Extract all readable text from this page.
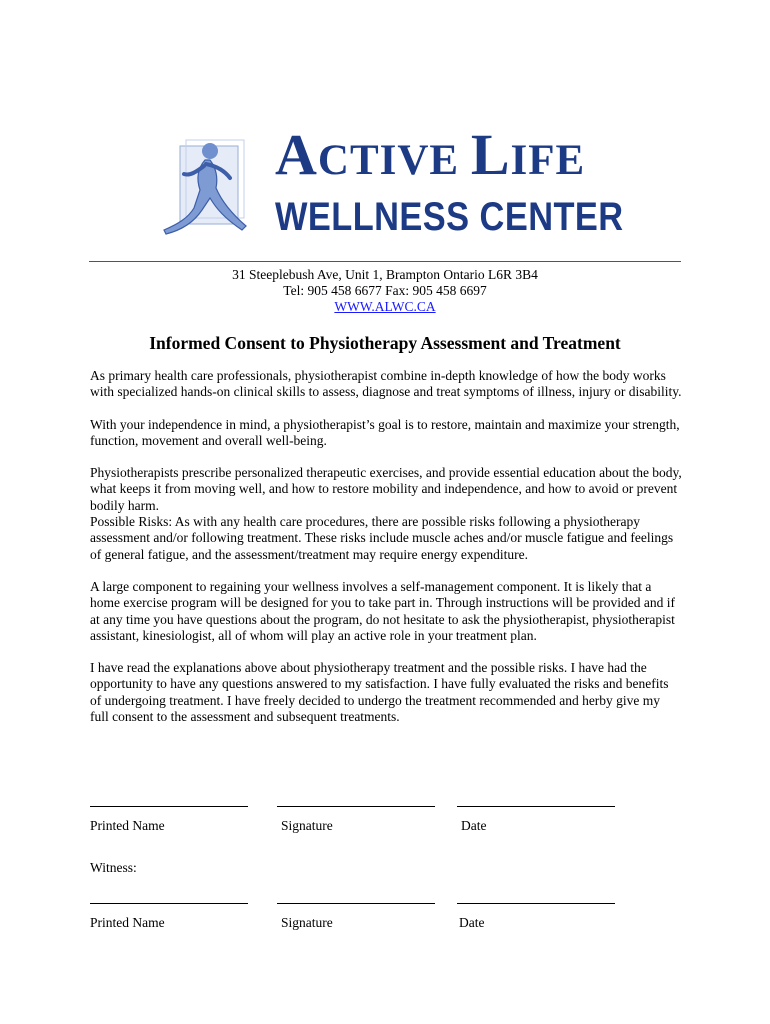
ACTIVE LIFE
WELLNESS CENTER
31 Steeplebush Ave, Unit 1, Brampton Ontario L6R 3B4
Tel: 905 458 6677 Fax: 905 458 6697
WWW.ALWC.CA
Informed Consent to Physiotherapy Assessment and Treatment

As primary health care professionals, physiotherapist combine in-depth knowledge of how the body works with specialized hands-on clinical skills to assess, diagnose and treat symptoms of illness, injury or disability.

With your independence in mind, a physiotherapist’s goal is to restore, maintain and maximize your strength, function, movement and overall well-being.

Physiotherapists prescribe personalized therapeutic exercises, and provide essential education about the body, what keeps it from moving well, and how to restore mobility and independence, and how to avoid or prevent bodily harm.

Possible Risks: As with any health care procedures, there are possible risks following a physiotherapy assessment and/or following treatment. These risks include muscle aches and/or muscle fatigue and feelings of general fatigue, and the assessment/treatment may require energy expenditure.

A large component to regaining your wellness involves a self-management component. It is likely that a home exercise program will be designed for you to take part in. Through instructions will be provided and if at any time you have questions about the program, do not hesitate to ask the physiotherapist, physiotherapist assistant, kinesiologist, all of whom will play an active role in your treatment plan.

I have read the explanations above about physiotherapy treatment and the possible risks. I have had the opportunity to have any questions answered to my satisfaction. I have fully evaluated the risks and benefits of undergoing treatment. I have freely decided to undergo the treatment recommended and herby give my full consent to the assessment and subsequent treatments.

Printed Name	Signature	Date
Witness:
Printed Name	Signature	Date
